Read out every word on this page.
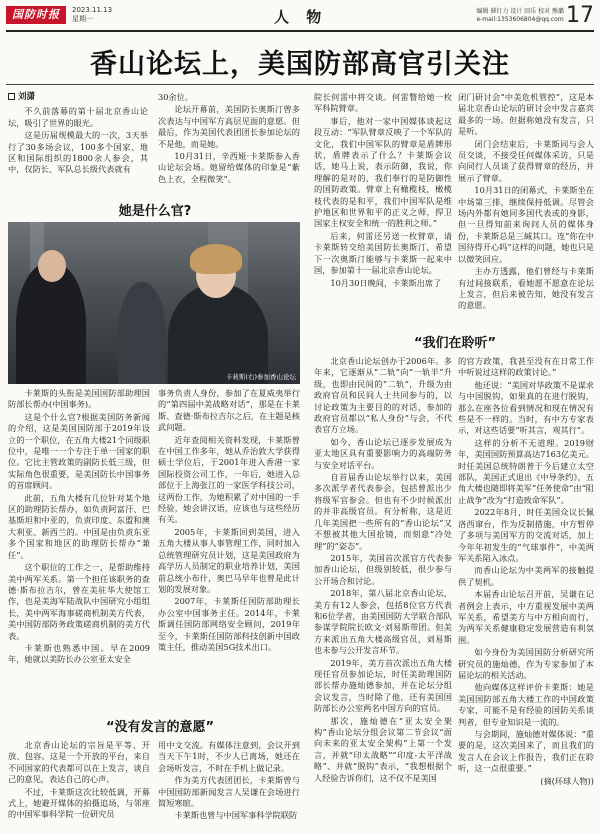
国防时报	2023.11.13
星期一	人 物	编辑 催钉力 设计 回乐 校对 熊璐
e-mail:1353606804@qq.com 17
香山论坛上，美国防部高官引关注
刘潇

不久前落幕的第十届北京香山论坛，吸引了世界的眼光。

这是历届规模最大的一次，3天举行了30多场会议，100多个国家、地区和国际组织的1800余人参会，其中，仅防长、军队总长级代表就有

30余位。

论坛开幕前，美国防长奥斯汀曾多次表达与中国军方高层见面的意愿。但最后，作为美国代表团团长参加论坛的不是他，而是她。

10月31日，辛西娅·卡莱斯参入香山论坛会场。她留给媒体的印象是“紫色上衣，全程微笑”。

她是什么官?
卡莉斯(右)参加香山论坛

院长何雷中将交谈。何雷瞥给她一枚军科院臂章。

事后，他对一家中国媒体谈起这段互动：“军队臂章反映了一个军队的文化，我们中国军队的臂章是盾牌形状，盾牌表示了什么？卡莱斯会议话，她马上说，表示防御，我说，你理解的是对的，我们奉行的是防御性的国防政策。臂章上有橄榄枝，橄榄枝代表的是和平，我们中国军队是维护地区和世界和平的正义之师，捍卫国家主权安全和统一的胜利之师。”

后来，何雷还另送一枚臂章，请卡莱斯转交给美国防长奥斯汀，希望下一次奥斯汀能够与卡莱斯一起来中国，参加第十一届北京香山论坛。

10月30日晚间，卡莱斯出席了

闭门研讨会“中美危机管控”，这是本届北京香山论坛的研讨会中发言嘉宾最多的一场。但据称她没有发言，只是听。

闭门会结束后，卡莱斯同与会人员交谈，不接受任何媒体采访，只是向同行人员谈了获得臂章的经历，并展示了臂章。

10月31日的闭幕式，卡莱斯坐在中场第三排，继续保持低调。尽管会场内外都有她同多国代表或的身影，但一旦得知前来询问人员的媒体身份，卡莱斯总是三缄其口。连“你在中国待得开心吗”这样的问题，她也只是以微笑回应。

主办方透露，他们曾经与卡莱斯有过间接联系，看她愿不愿意在论坛上发言，但后来被告知，她没有发言的意愿。

卡莱斯的头衔是美国国防部助理国防部长帮办(中国事务)。

这是个什么官?根据美国防务新闻的介绍，这是美国国防部于2019年设立的一个职位，在五角大楼21个同级职位中，是唯一一个专注于单一国家的职位。它比主管政策的副防长低三级，但实际角色很重要，是美国防长中国事务的首席顾问。

此前，五角大楼有几位针对某个地区的助理防长帮办，如负责阿富汗、巴基斯坦和中亚的，负责印度、东盟和澳大利亚、新西兰的。中国是由负责东亚多个国家和地区的助理防长帮办“兼任”。

这个职位的工作之一，是帮助维持美中两军关系。第一个担任该职务的查德·斯布拉吉尔，曾在美驻华大使馆工作，也是美海军陆战队中国研究小组组长，美中两军海事磋商机制美方代表，美中国防部防务政策磋商机制的美方代表。

卡莱斯也熟悉中国。早在2009年，她就以美防长办公室亚太安全

事务负责人身份，参加了在夏威夷举行的“第四届中美战略对话”，那是在卡莱斯、查德·斯布拉吉尔之后，在主题是核武问题。

近年查阅相关资料发现，卡莱斯曾在中国工作多年，她从乔治敦大学获得硕士学位后，于2001年进入香港一家国际投资公司工作，一年后，她进入总部位于上海张江的一家医学科技公司，这两份工作，为她积累了对中国的一手经验，她会讲汉语，应该也与这些经历有关。

2005年，卡莱斯回到美国，进入五角大楼从事人事管理工作，同时加入总统管理研究员计划，这是美国政府为高学历人员制定的职业培养计划，美国前总统小布什，奥巴马早年也曾是此计划的发展对象。

2007年，卡莱斯任国防部助理长办公室中国事务主任。2014年，卡莱斯调任国防部网络安全顾问，2019年至今，卡莱斯任国防部科技创新中国政策主任，推动美国5G技术出口。

“我们在聆听”

北京香山论坛创办于2006年。多年来，它逐渐从“二轨”向“一轨半”升级，也即由民间的“二轨”，升级为由政府官员和民间人士共同参与的，以讨论政策为主要目的的对话，参加的政府官员都以“私人身份”与会，不代表官方立场。

如今，香山论坛已逐步发展成为亚太地区具有重要影响力的高端防务与安全对话平台。

自首届香山论坛举行以来，美国多次派学者代表参会，包括曾派出少将级军官参会。但也有不少时候派出的并非高级官员。有分析称，这是近几年美国把一些所有的“香山论坛”又不想被其他大国抢镜，而刻意“冷处理”的“姿态”。

2015年，美国首次派官方代表参加香山论坛，但级别较低，很少参与公开场合和讨论。

2018年，第八届北京香山论坛，美方有12人参会，包括8位官方代表和6位学者，由美国国防大学联合部队参谋学院院长欧文·刘易斯带团。但美方来派出五角大楼高级官员，刘易斯也未参与公开发言环节。

2019年，美方首次派出五角大楼现任官员参加论坛，时任美助理国防部长帮办施灿德参加，并在论坛分组会议发言，当时除了他，还有美国国防部长办公室两名中国方向的官员。

那次，施灿德在“亚太安全架构”香山论坛分组会议第二节会议“面向未来的亚太安全架构”上第一个发言，并就“印太战略”“印度-太平洋战略”、并就“脱钩”表示，“我想根据个人经验告诉你们，这不仅不是美国

的官方政策，我甚至没有在日常工作中听说过这样的政策讨论。”

他还说：“美国对华政策不是谋求与中国脱钩，如果真的在进行脱钩，那么在座各位看到情况和现在情况有些是不一样的。当时，有中方专家表示，对这些话要“听其言，观其行”。

这样的分析不无道理。2019财年，美国国防预算高达7163亿美元。时任美国总统特朗普于今后建立太空部队，美国正式退出《中导条约》，五角大楼也随即将美军“任务使命”由“阻止战争”改为“打造致命军队”。

2022年8月，时任美国众议长佩洛西窜台，作为反制措施，中方暂停了多项与美国军方的交流对话，加上今年年初发生的“气球事件”，中美两军关系陷入冰点。

而香山论坛为中美两军的接触提供了契机。

本届香山论坛召开前，吴谦在记者例会上表示，中方重视发展中美两军关系，希望美方与中方相向而行，为两军关系健康稳定发展营造有利氛围。

如今身份为美国国防分析研究所研究员的施灿德，作为专家参加了本届论坛的相关活动。

他向媒体这样评价卡莱斯：她是美国国防部五角大楼工作的中国政策专家，可能不是有经验的国防关系谈判者，但专业知识是一流的。

与会期间，施灿德对媒体说：“重要的是，这次美国来了，而且我们的发言人在会议上作报告，我们正在聆听，这一点很重要。”

(摘(环球人物))

“没有发言的意愿”

北京香山论坛的宗旨是平等、开放、包容。这是一个开放的平台，来自不同国家的代表都可以在上发言，谈自己的意见，表达自己的心声。

不过，卡莱斯这次比较低调，开幕式上，她避开媒体的拍摄追场，与邻座的中国军事科学院一位研究员

用中文交流。有媒体注意到，会议开到当天下午1时，不少人已离场，她还在会场听发言，不时在手机上做记录。

作为美方代表团团长，卡莱斯曾与中国国防部新闻发言人吴谦在会场进行简短寒暄。

卡莱斯也曾与中国军事科学院联防
